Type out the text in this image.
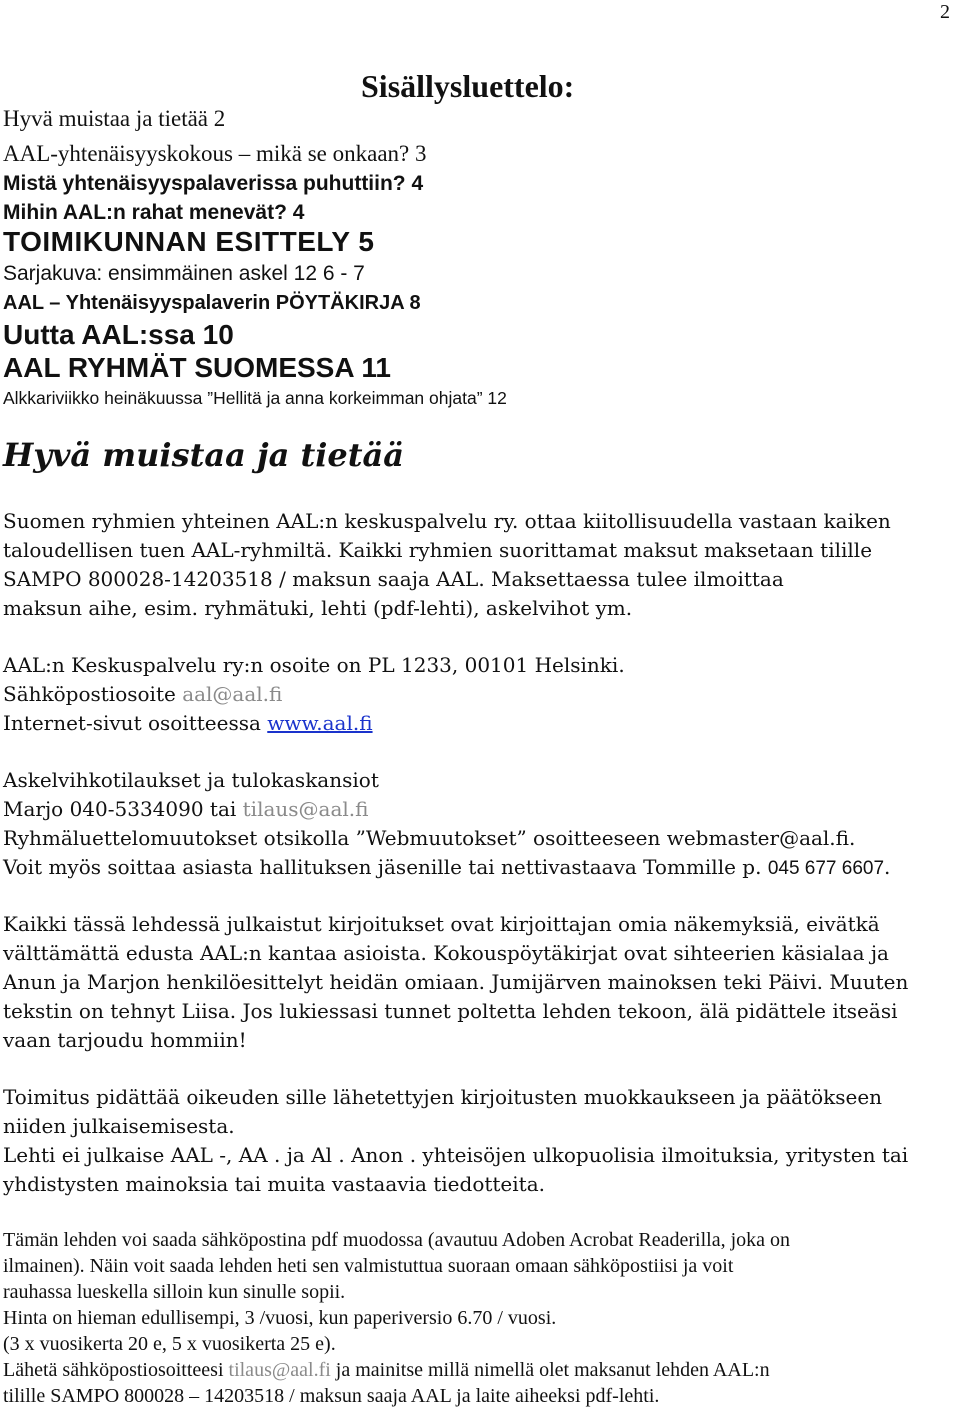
2
Sisällysluettelo:
Hyvä muistaa ja tietää 2
AAL-yhtenäisyyskokous – mikä se onkaan? 3
Mistä yhtenäisyyspalaverissa puhuttiin? 4
Mihin AAL:n rahat menevät? 4
TOIMIKUNNAN ESITTELY 5
Sarjakuva: ensimmäinen askel 12 6 - 7
AAL – Yhtenäisyyspalaverin PÖYTÄKIRJA 8
Uutta AAL:ssa 10
AAL RYHMÄT SUOMESSA 11
Alkkariviikko heinäkuussa ”Hellitä ja anna korkeimman ohjata” 12
Hyvä muistaa ja tietää
Suomen ryhmien yhteinen AAL:n keskuspalvelu ry. ottaa kiitollisuudella vastaan kaiken
taloudellisen tuen AAL-ryhmiltä. Kaikki ryhmien suorittamat maksut maksetaan tilille
SAMPO 800028-14203518 / maksun saaja AAL. Maksettaessa tulee ilmoittaa
maksun aihe, esim. ryhmätuki, lehti (pdf-lehti), askelvihot ym.
AAL:n Keskuspalvelu ry:n osoite on PL 1233, 00101 Helsinki.
Sähköpostiosoite aal@aal.fi
Internet-sivut osoitteessa www.aal.fi
Askelvihkotilaukset ja tulokaskansiot
Marjo 040-5334090 tai tilaus@aal.fi
Ryhmäluettelomuutokset otsikolla ”Webmuutokset” osoitteeseen webmaster@aal.fi.
Voit myös soittaa asiasta hallituksen jäsenille tai nettivastaava Tommille p. 045 677 6607.
Kaikki tässä lehdessä julkaistut kirjoitukset ovat kirjoittajan omia näkemyksiä, eivätkä
välttämättä edusta AAL:n kantaa asioista. Kokouspöytäkirjat ovat sihteerien käsialaa ja
Anun ja Marjon henkilöesittelyt heidän omiaan. Jumijärven mainoksen teki Päivi. Muuten
tekstin on tehnyt Liisa. Jos lukiessasi tunnet poltetta lehden tekoon, älä pidättele itseäsi
vaan tarjoudu hommiin!
Toimitus pidättää oikeuden sille lähetettyjen kirjoitusten muokkaukseen ja päätökseen
niiden julkaisemisesta.
Lehti ei julkaise AAL -, AA . ja Al . Anon . yhteisöjen ulkopuolisia ilmoituksia, yritysten tai
yhdistysten mainoksia tai muita vastaavia tiedotteita.
Tämän lehden voi saada sähköpostina pdf muodossa (avautuu Adoben Acrobat Readerilla, joka on
ilmainen). Näin voit saada lehden heti sen valmistuttua suoraan omaan sähköpostiisi ja voit
rauhassa lueskella silloin kun sinulle sopii.
Hinta on hieman edullisempi, 3 /vuosi, kun paperiversio 6.70 / vuosi.
(3 x vuosikerta 20 e, 5 x vuosikerta 25 e).
Lähetä sähköpostiosoitteesi tilaus@aal.fi ja mainitse millä nimellä olet maksanut lehden AAL:n
tilille SAMPO 800028 – 14203518 / maksun saaja AAL ja laite aiheeksi pdf-lehti.
